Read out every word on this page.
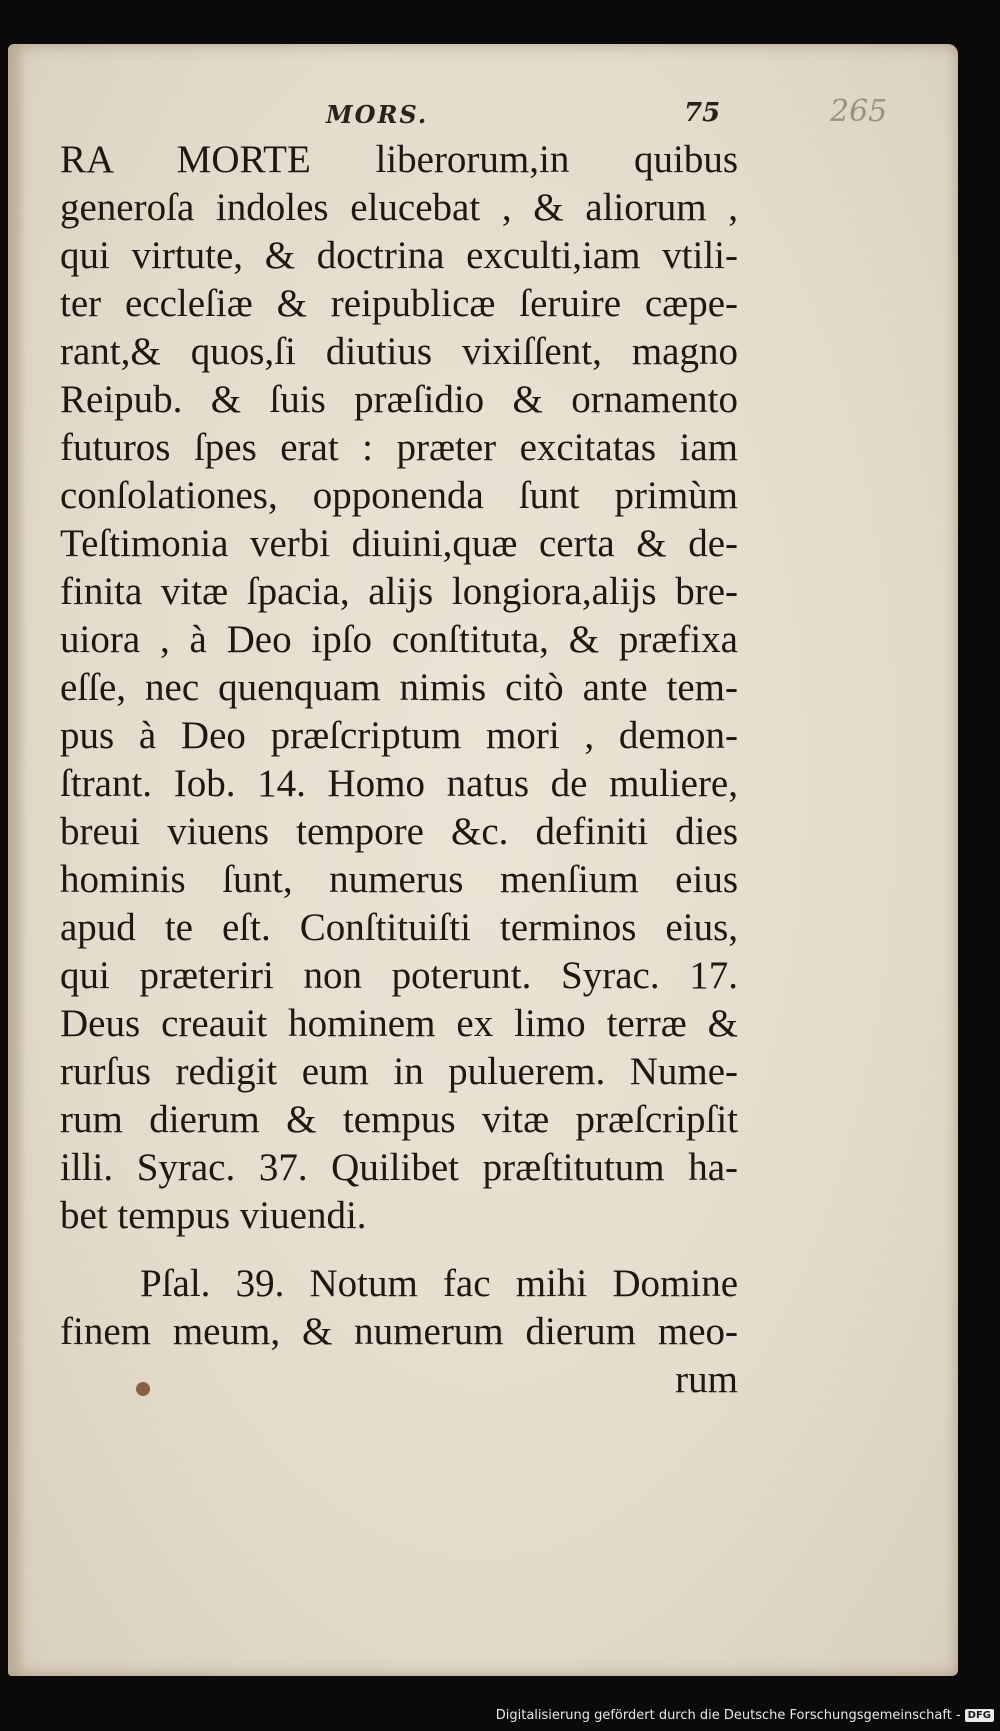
MORS.	75	265
RA MORTE liberorum,in quibus
generoſa indoles elucebat , & aliorum ,
qui virtute, & doctrina exculti,iam vtili-
ter eccleſiæ & reipublicæ ſeruire cæpe-
rant,& quos,ſi diutius vixiſſent, magno
Reipub. & ſuis præſidio & ornamento
futuros ſpes erat : præter excitatas iam
conſolationes, opponenda ſunt primùm
Teſtimonia verbi diuini,quæ certa & de-
finita vitæ ſpacia, alijs longiora,alijs bre-
uiora , à Deo ipſo conſtituta, & præfixa
eſſe, nec quenquam nimis citò ante tem-
pus à Deo præſcriptum mori , demon-
ſtrant. Iob. 14. Homo natus de muliere,
breui viuens tempore &c. definiti dies
hominis ſunt, numerus menſium eius
apud te eſt. Conſtituiſti terminos eius,
qui præteriri non poterunt. Syrac. 17.
Deus creauit hominem ex limo terræ &
rurſus redigit eum in puluerem. Nume-
rum dierum & tempus vitæ præſcripſit
illi. Syrac. 37. Quilibet præſtitutum ha-
bet tempus viuendi.
Pſal. 39. Notum fac mihi Domine
finem meum, & numerum dierum meo-
rum
Digitalisierung gefördert durch die Deutsche Forschungsgemeinschaft - DFG
